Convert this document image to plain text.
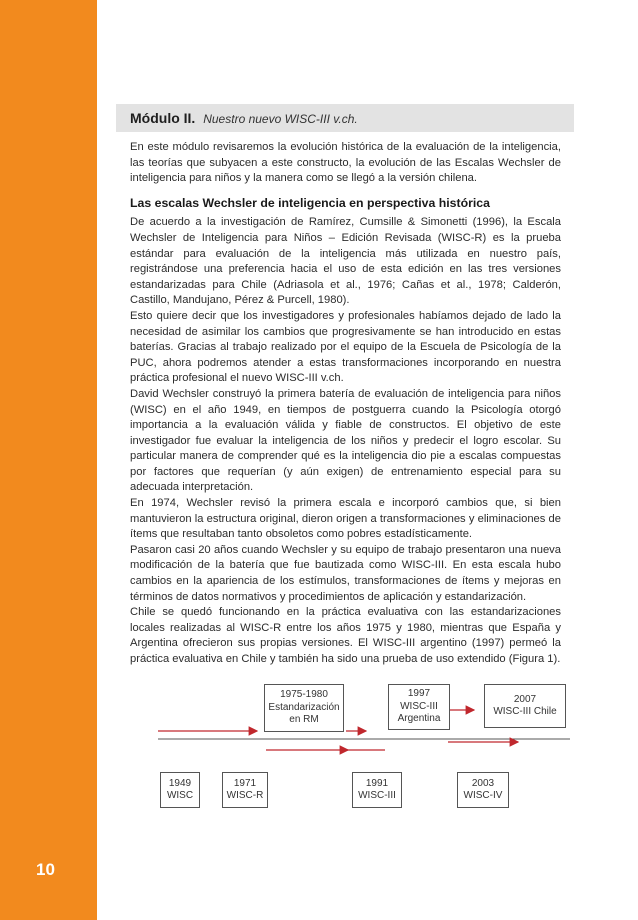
10
Módulo II. Nuestro nuevo WISC-III v.ch.

En este módulo revisaremos la evolución histórica de la evaluación de la inteligencia, las teorías que subyacen a este constructo, la evolución de las Escalas Wechsler de inteligencia para niños y la manera como se llegó a la versión chilena.

Las escalas Wechsler de inteligencia en perspectiva histórica

De acuerdo a la investigación de Ramírez, Cumsille & Simonetti (1996), la Escala Wechsler de Inteligencia para Niños – Edición Revisada (WISC-R) es la prueba estándar para evaluación de la inteligencia más utilizada en nuestro país, registrándose una preferencia hacia el uso de esta edición en las tres versiones estandarizadas para Chile (Adriasola et al., 1976; Cañas et al., 1978; Calderón, Castillo, Mandujano, Pérez & Purcell, 1980).

Esto quiere decir que los investigadores y profesionales habíamos dejado de lado la necesidad de asimilar los cambios que progresivamente se han introducido en estas baterías. Gracias al trabajo realizado por el equipo de la Escuela de Psicología de la PUC, ahora podremos atender a estas transformaciones incorporando en nuestra práctica profesional el nuevo WISC-III v.ch.

David Wechsler construyó la primera batería de evaluación de inteligencia para niños (WISC) en el año 1949, en tiempos de postguerra cuando la Psicología otorgó importancia a la evaluación válida y fiable de constructos. El objetivo de este investigador fue evaluar la inteligencia de los niños y predecir el logro escolar. Su particular manera de comprender qué es la inteligencia dio pie a escalas compuestas por factores que requerían (y aún exigen) de entrenamiento especial para su adecuada interpretación.

En 1974, Wechsler revisó la primera escala e incorporó cambios que, si bien mantuvieron la estructura original, dieron origen a transformaciones y eliminaciones de ítems que resultaban tanto obsoletos como pobres estadísticamente.

Pasaron casi 20 años cuando Wechsler y su equipo de trabajo presentaron una nueva modificación de la batería que fue bautizada como WISC-III. En esta escala hubo cambios en la apariencia de los estímulos, transformaciones de ítems y mejoras en términos de datos normativos y procedimientos de aplicación y estandarización.

Chile se quedó funcionando en la práctica evaluativa con las estandarizaciones locales realizadas al WISC-R entre los años 1975 y 1980, mientras que España y Argentina ofrecieron sus propias versiones. El WISC-III argentino (1997) permeó la práctica evaluativa en Chile y también ha sido una prueba de uso extendido (Figura 1).

1975-1980
Estandarización
en RM
1997
WISC-III
Argentina
2007
WISC-III Chile
1949
WISC
1971
WISC-R
1991
WISC-III
2003
WISC-IV
